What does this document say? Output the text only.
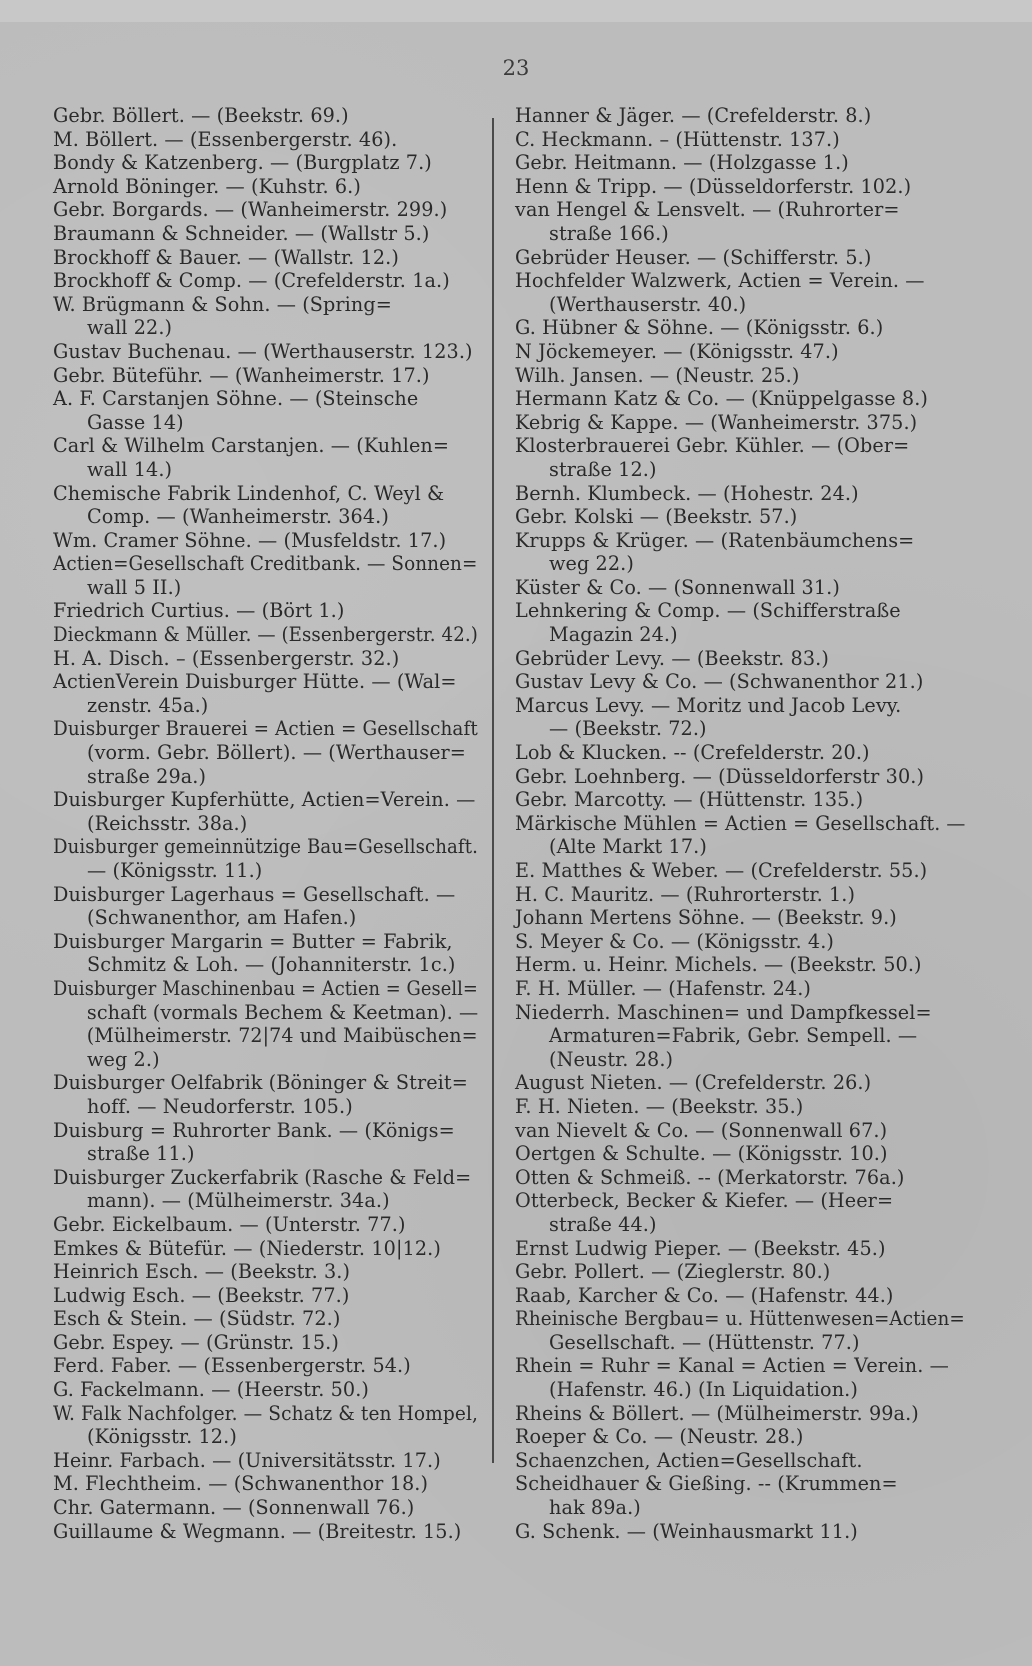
23

Gebr. Böllert. — (Beekstr. 69.)

M. Böllert. — (Essenbergerstr. 46).

Bondy & Katzenberg. — (Burgplatz 7.)

Arnold Böninger. — (Kuhstr. 6.)

Gebr. Borgards. — (Wanheimerstr. 299.)

Braumann & Schneider. — (Wallstr 5.)

Brockhoff & Bauer. — (Wallstr. 12.)

Brockhoff & Comp. — (Crefelderstr. 1a.)

W. Brügmann & Sohn. — (Spring=
wall 22.)

Gustav Buchenau. — (Werthauserstr. 123.)

Gebr. Büteführ. — (Wanheimerstr. 17.)

A. F. Carstanjen Söhne. — (Steinsche
Gasse 14)

Carl & Wilhelm Carstanjen. — (Kuhlen=
wall 14.)

Chemische Fabrik Lindenhof, C. Weyl &
Comp. — (Wanheimerstr. 364.)

Wm. Cramer Söhne. — (Musfeldstr. 17.)

Actien=Gesellschaft Creditbank. — Sonnen=
wall 5 II.)

Friedrich Curtius. — (Bört 1.)

Dieckmann & Müller. — (Essenbergerstr. 42.)

H. A. Disch. – (Essenbergerstr. 32.)

ActienVerein Duisburger Hütte. — (Wal=
zenstr. 45a.)

Duisburger Brauerei = Actien = Gesellschaft
(vorm. Gebr. Böllert). — (Werthauser=
straße 29a.)

Duisburger Kupferhütte, Actien=Verein. —
(Reichsstr. 38a.)

Duisburger gemeinnützige Bau=Gesellschaft.
— (Königsstr. 11.)

Duisburger Lagerhaus = Gesellschaft. —
(Schwanenthor, am Hafen.)

Duisburger Margarin = Butter = Fabrik,
Schmitz & Loh. — (Johanniterstr. 1c.)

Duisburger Maschinenbau = Actien = Gesell=
schaft (vormals Bechem & Keetman). —
(Mülheimerstr. 72|74 und Maibüschen=
weg 2.)

Duisburger Oelfabrik (Böninger & Streit=
hoff. — Neudorferstr. 105.)

Duisburg = Ruhrorter Bank. — (Königs=
straße 11.)

Duisburger Zuckerfabrik (Rasche & Feld=
mann). — (Mülheimerstr. 34a.)

Gebr. Eickelbaum. — (Unterstr. 77.)

Emkes & Bütefür. — (Niederstr. 10|12.)

Heinrich Esch. — (Beekstr. 3.)

Ludwig Esch. — (Beekstr. 77.)

Esch & Stein. — (Südstr. 72.)

Gebr. Espey. — (Grünstr. 15.)

Ferd. Faber. — (Essenbergerstr. 54.)

G. Fackelmann. — (Heerstr. 50.)

W. Falk Nachfolger. — Schatz & ten Hompel,
(Königsstr. 12.)

Heinr. Farbach. — (Universitätsstr. 17.)

M. Flechtheim. — (Schwanenthor 18.)

Chr. Gatermann. — (Sonnenwall 76.)

Guillaume & Wegmann. — (Breitestr. 15.)

Hanner & Jäger. — (Crefelderstr. 8.)

C. Heckmann. – (Hüttenstr. 137.)

Gebr. Heitmann. — (Holzgasse 1.)

Henn & Tripp. — (Düsseldorferstr. 102.)

van Hengel & Lensvelt. — (Ruhrorter=
straße 166.)

Gebrüder Heuser. — (Schifferstr. 5.)

Hochfelder Walzwerk, Actien = Verein. —
(Werthauserstr. 40.)

G. Hübner & Söhne. — (Königsstr. 6.)

N Jöckemeyer. — (Königsstr. 47.)

Wilh. Jansen. — (Neustr. 25.)

Hermann Katz & Co. — (Knüppelgasse 8.)

Kebrig & Kappe. — (Wanheimerstr. 375.)

Klosterbrauerei Gebr. Kühler. — (Ober=
straße 12.)

Bernh. Klumbeck. — (Hohestr. 24.)

Gebr. Kolski — (Beekstr. 57.)

Krupps & Krüger. — (Ratenbäumchens=
weg 22.)

Küster & Co. — (Sonnenwall 31.)

Lehnkering & Comp. — (Schifferstraße
Magazin 24.)

Gebrüder Levy. — (Beekstr. 83.)

Gustav Levy & Co. — (Schwanenthor 21.)

Marcus Levy. — Moritz und Jacob Levy.
— (Beekstr. 72.)

Lob & Klucken. -- (Crefelderstr. 20.)

Gebr. Loehnberg. — (Düsseldorferstr 30.)

Gebr. Marcotty. — (Hüttenstr. 135.)

Märkische Mühlen = Actien = Gesellschaft. —
(Alte Markt 17.)

E. Matthes & Weber. — (Crefelderstr. 55.)

H. C. Mauritz. — (Ruhrorterstr. 1.)

Johann Mertens Söhne. — (Beekstr. 9.)

S. Meyer & Co. — (Königsstr. 4.)

Herm. u. Heinr. Michels. — (Beekstr. 50.)

F. H. Müller. — (Hafenstr. 24.)

Niederrh. Maschinen= und Dampfkessel=
Armaturen=Fabrik, Gebr. Sempell. —
(Neustr. 28.)

August Nieten. — (Crefelderstr. 26.)

F. H. Nieten. — (Beekstr. 35.)

van Nievelt & Co. — (Sonnenwall 67.)

Oertgen & Schulte. — (Königsstr. 10.)

Otten & Schmeiß. -- (Merkatorstr. 76a.)

Otterbeck, Becker & Kiefer. — (Heer=
straße 44.)

Ernst Ludwig Pieper. — (Beekstr. 45.)

Gebr. Pollert. — (Zieglerstr. 80.)

Raab, Karcher & Co. — (Hafenstr. 44.)

Rheinische Bergbau= u. Hüttenwesen=Actien=
Gesellschaft. — (Hüttenstr. 77.)

Rhein = Ruhr = Kanal = Actien = Verein. —
(Hafenstr. 46.) (In Liquidation.)

Rheins & Böllert. — (Mülheimerstr. 99a.)

Roeper & Co. — (Neustr. 28.)

Schaenzchen, Actien=Gesellschaft.

Scheidhauer & Gießing. -- (Krummen=
hak 89a.)

G. Schenk. — (Weinhausmarkt 11.)
